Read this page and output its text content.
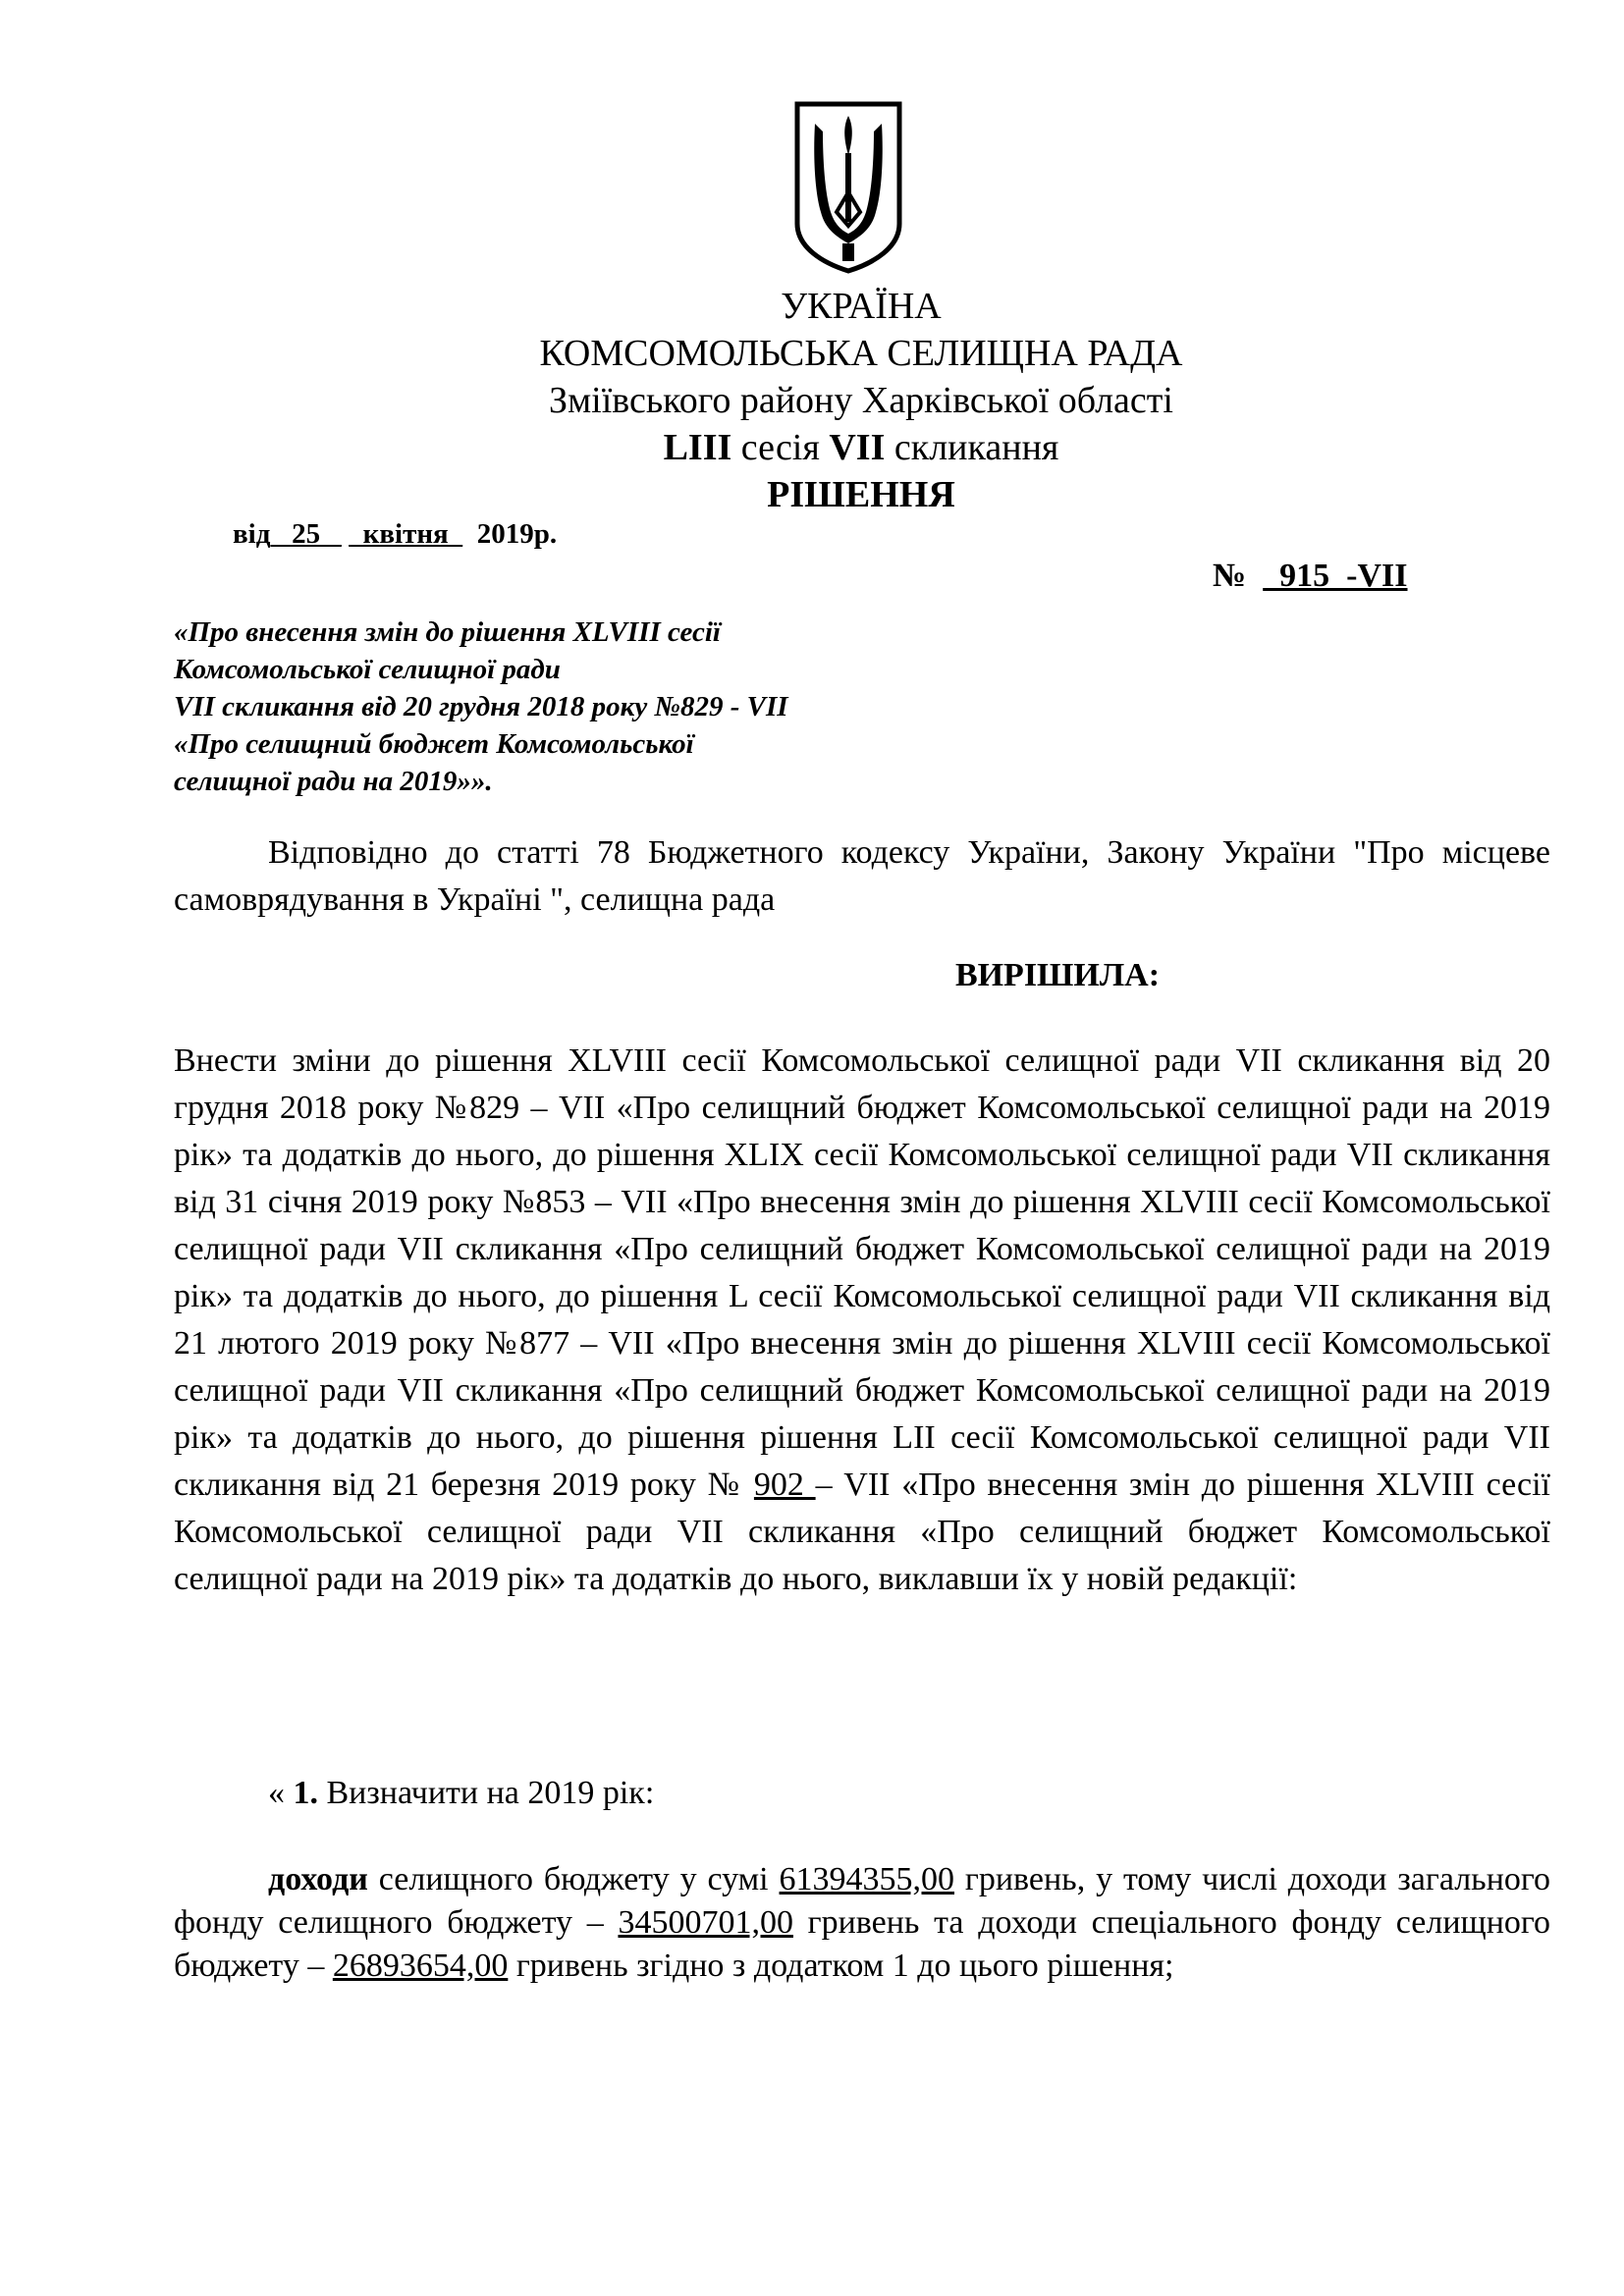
УКРАЇНА
КОМСОМОЛЬСЬКА СЕЛИЩНА РАДА
Зміївського району Харківської області
LIII сесія VII скликання
РІШЕННЯ
від   25      квітня    2019р.
№    915  -VII
«Про внесення змін до рішення XLVIII сесії
Комсомольської селищної ради
VII скликання від 20 грудня 2018 року №829 - VII
«Про селищний бюджет Комсомольської
селищної ради на 2019»».
Відповідно до статті 78 Бюджетного кодексу України, Закону України "Про місцеве самоврядування в Україні ", селищна рада
ВИРІШИЛА:
Внести зміни до рішення XLVIII сесії Комсомольської селищної ради VII скликання від 20 грудня 2018 року №829 – VII «Про селищний бюджет Комсомольської селищної ради на 2019 рік» та додатків до нього, до рішення XLIX сесії Комсомольської селищної ради VII скликання від 31 січня 2019 року №853 – VII «Про внесення змін до рішення XLVIII сесії Комсомольської селищної ради VII скликання «Про селищний бюджет Комсомольської селищної ради на 2019 рік» та додатків до нього, до рішення L сесії Комсомольської селищної ради VII скликання від 21 лютого 2019 року №877 – VII «Про внесення змін до рішення XLVIII сесії Комсомольської селищної ради VII скликання «Про селищний бюджет Комсомольської селищної ради на 2019 рік» та додатків до нього, до рішення рішення LII сесії Комсомольської селищної ради VII скликання від 21 березня 2019 року № 902 – VII «Про внесення змін до рішення XLVIII сесії Комсомольської селищної ради VII скликання «Про селищний бюджет Комсомольської селищної ради на 2019 рік» та додатків до нього, виклавши їх у новій редакції:
« 1. Визначити на 2019 рік:
доходи селищного бюджету у сумі 61394355,00 гривень, у тому числі доходи загального фонду селищного бюджету – 34500701,00 гривень та доходи спеціального фонду селищного бюджету – 26893654,00 гривень згідно з додатком 1 до цього рішення;
